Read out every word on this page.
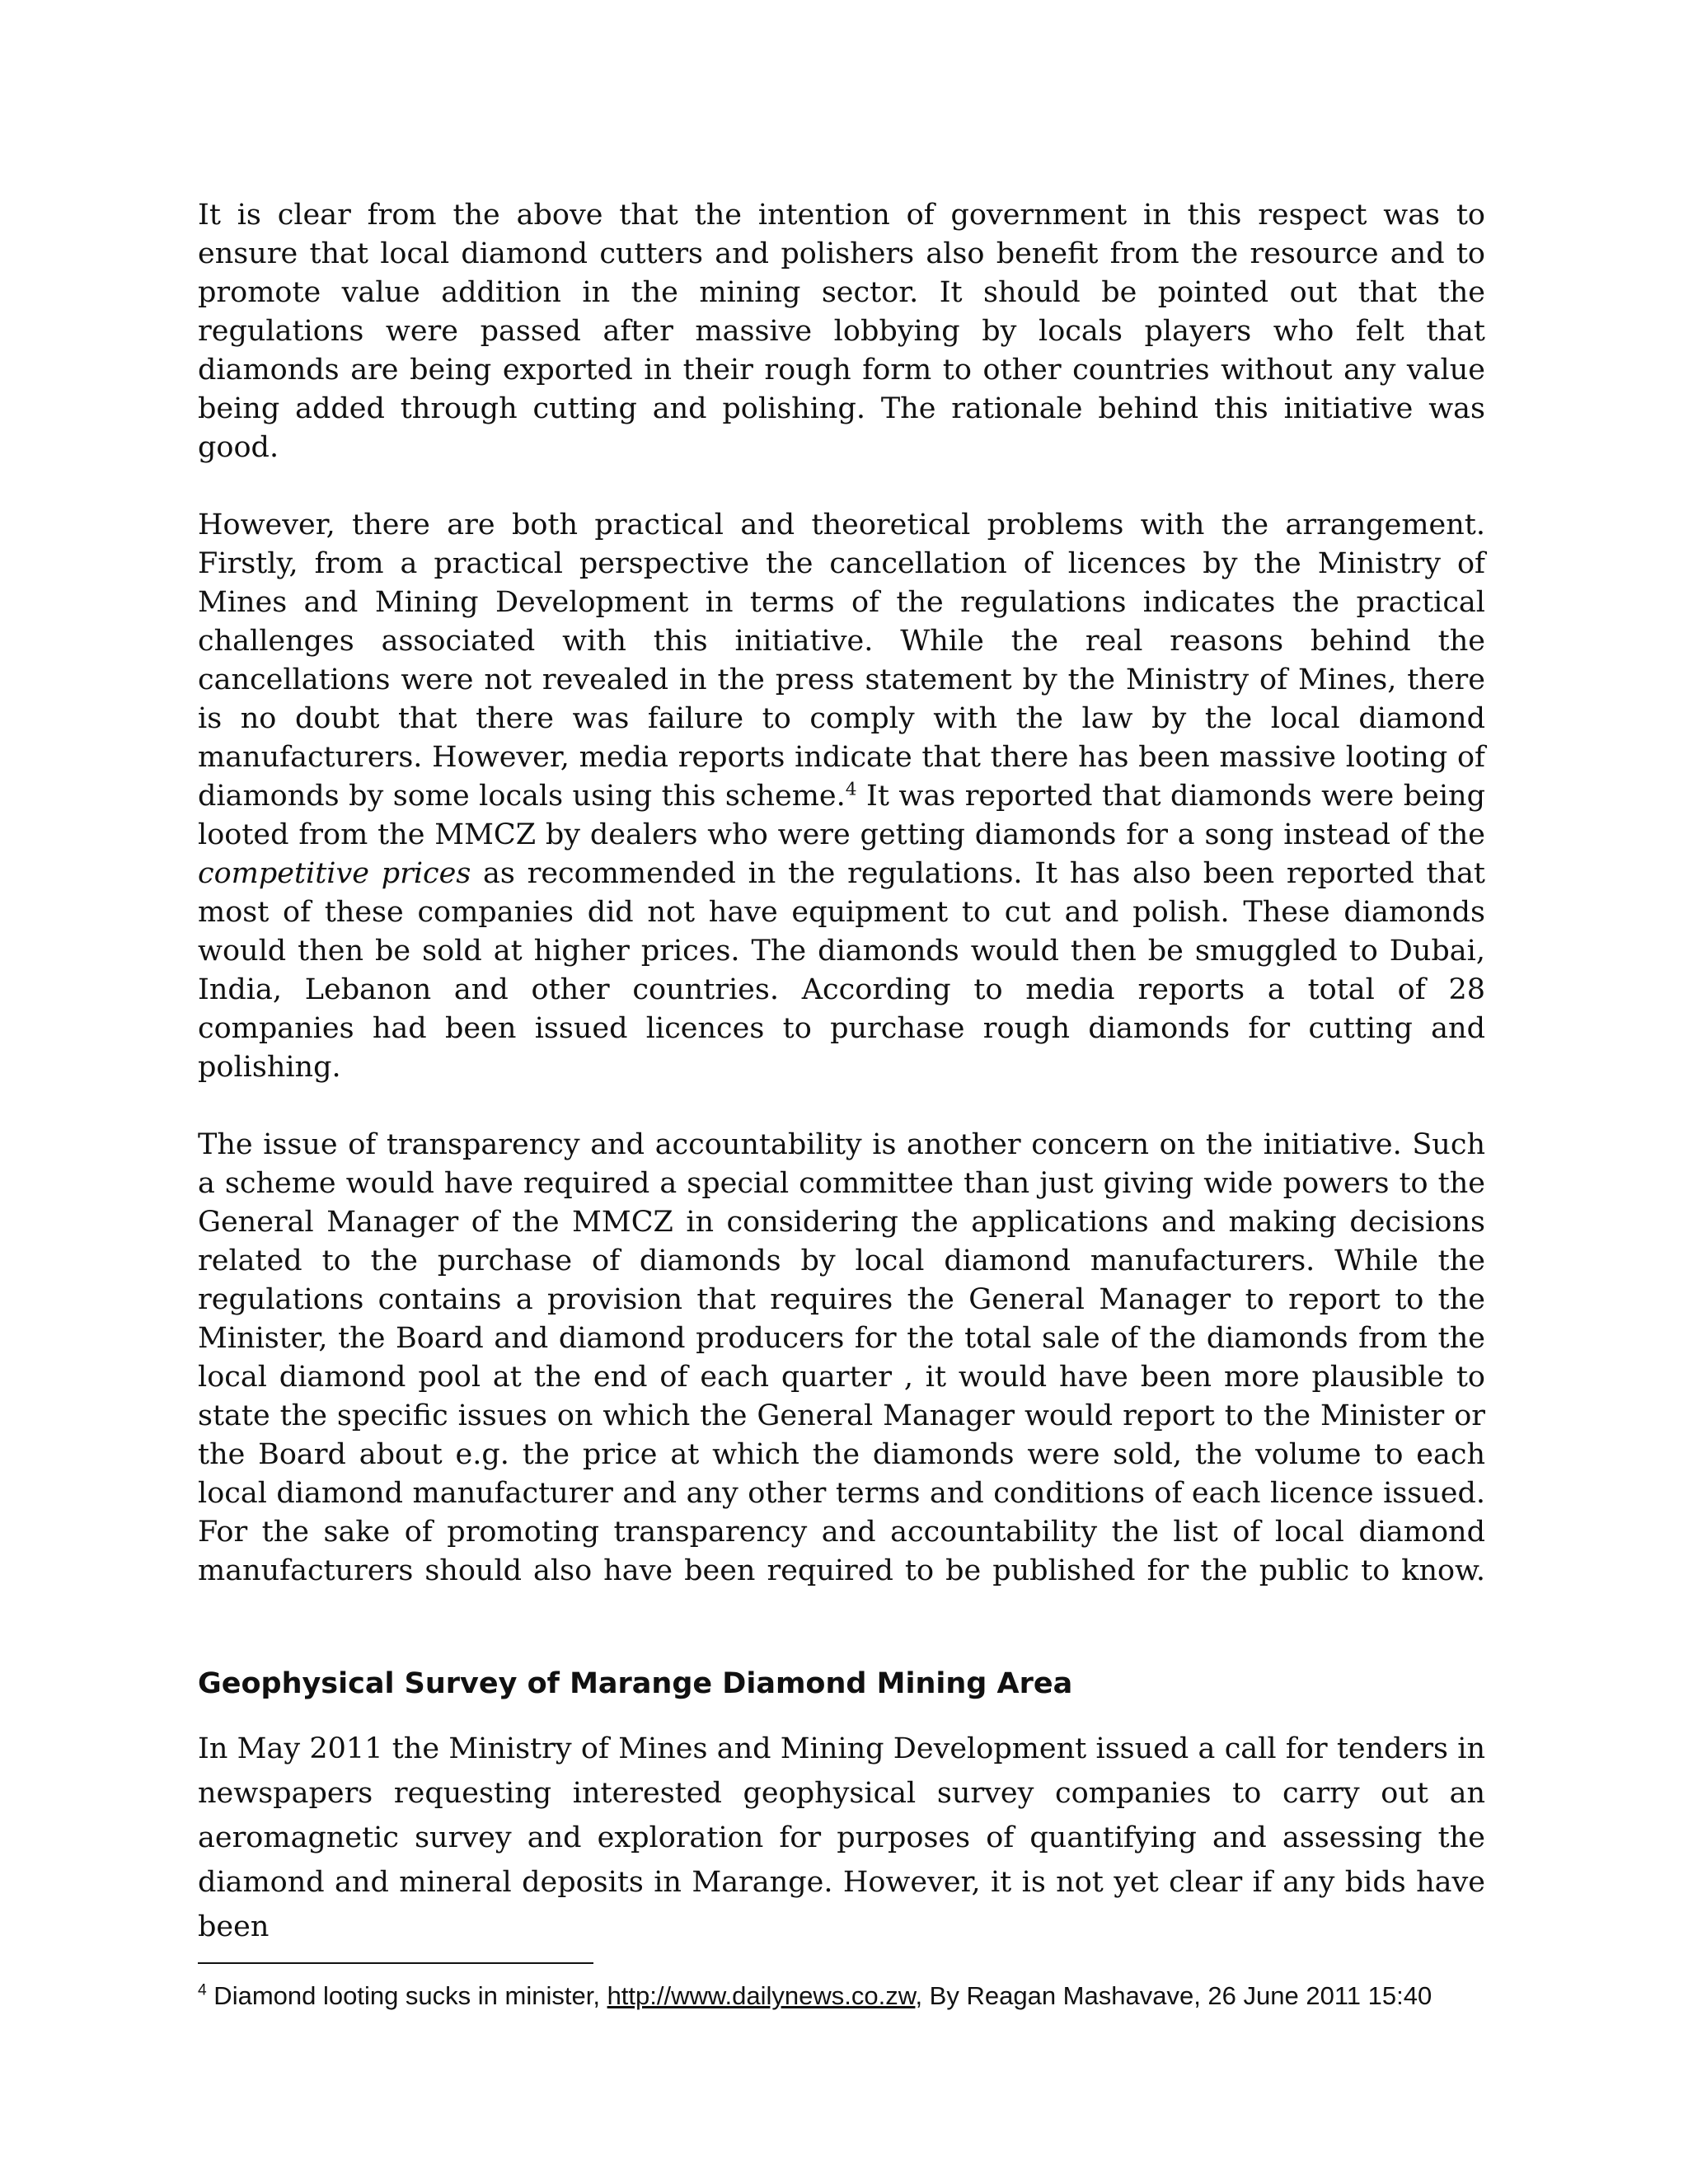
It is clear from the above that the intention of government in this respect was to ensure that local diamond cutters and polishers also benefit from the resource and to promote value addition in the mining sector. It should be pointed out that the regulations were passed after massive lobbying by locals players who felt that diamonds are being exported in their rough form to other countries without any value being added through cutting and polishing. The rationale behind this initiative was good.

However, there are both practical and theoretical problems with the arrangement. Firstly, from a practical perspective the cancellation of licences by the Ministry of Mines and Mining Development in terms of the regulations indicates the practical challenges associated with this initiative. While the real reasons behind the cancellations were not revealed in the press statement by the Ministry of Mines, there is no doubt that there was failure to comply with the law by the local diamond manufacturers. However, media reports indicate that there has been massive looting of diamonds by some locals using this scheme.$^4$ It was reported that diamonds were being looted from the MMCZ by dealers who were getting diamonds for a song instead of the competitive prices as recommended in the regulations. It has also been reported that most of these companies did not have equipment to cut and polish. These diamonds would then be sold at higher prices. The diamonds would then be smuggled to Dubai, India, Lebanon and other countries. According to media reports a total of 28 companies had been issued licences to purchase rough diamonds for cutting and polishing.

The issue of transparency and accountability is another concern on the initiative. Such a scheme would have required a special committee than just giving wide powers to the General Manager of the MMCZ in considering the applications and making decisions related to the purchase of diamonds by local diamond manufacturers. While the regulations contains a provision that requires the General Manager to report to the Minister, the Board and diamond producers for the total sale of the diamonds from the local diamond pool at the end of each quarter , it would have been more plausible to state the specific issues on which the General Manager would report to the Minister or the Board about e.g. the price at which the diamonds were sold, the volume to each local diamond manufacturer and any other terms and conditions of each licence issued. For the sake of promoting transparency and accountability the list of local diamond manufacturers should also have been required to be published for the public to know.

Geophysical Survey of Marange Diamond Mining Area

In May 2011 the Ministry of Mines and Mining Development issued a call for tenders in newspapers requesting interested geophysical survey companies to carry out an aeromagnetic survey and exploration for purposes of quantifying and assessing the diamond and mineral deposits in Marange. However, it is not yet clear if any bids have been

$^4$ Diamond looting sucks in minister, http://www.dailynews.co.zw, By Reagan Mashavave, 26 June 2011 15:40
